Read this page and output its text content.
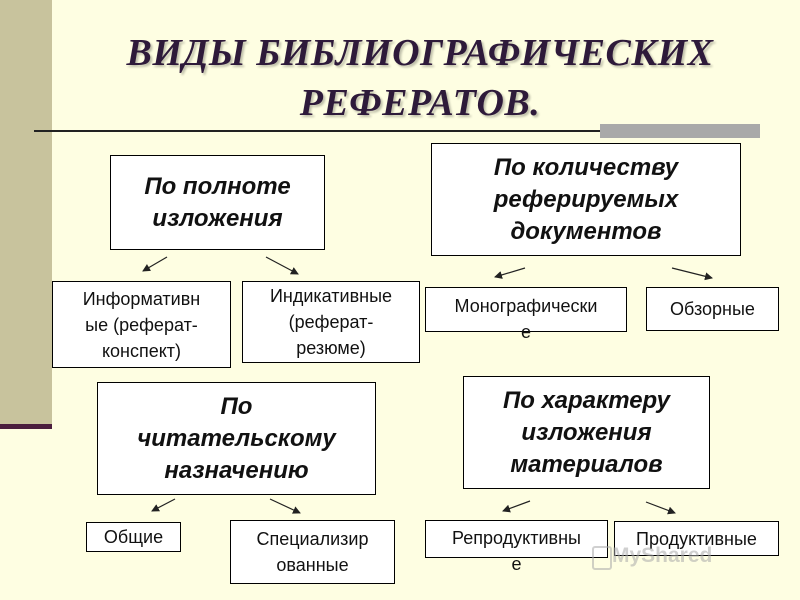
ВИДЫ БИБЛИОГРАФИЧЕСКИХ
РЕФЕРАТОВ.
По полноте
изложения
По количеству
реферируемых
документов
По
читательскому
назначению
По характеру
изложения
материалов
Информативн
ые (реферат-
конспект)
Индикативные
(реферат-
резюме)
Монографически
е
Обзорные
Общие	Специализир
ованные
Репродуктивны
е
Продуктивные
MyShared
